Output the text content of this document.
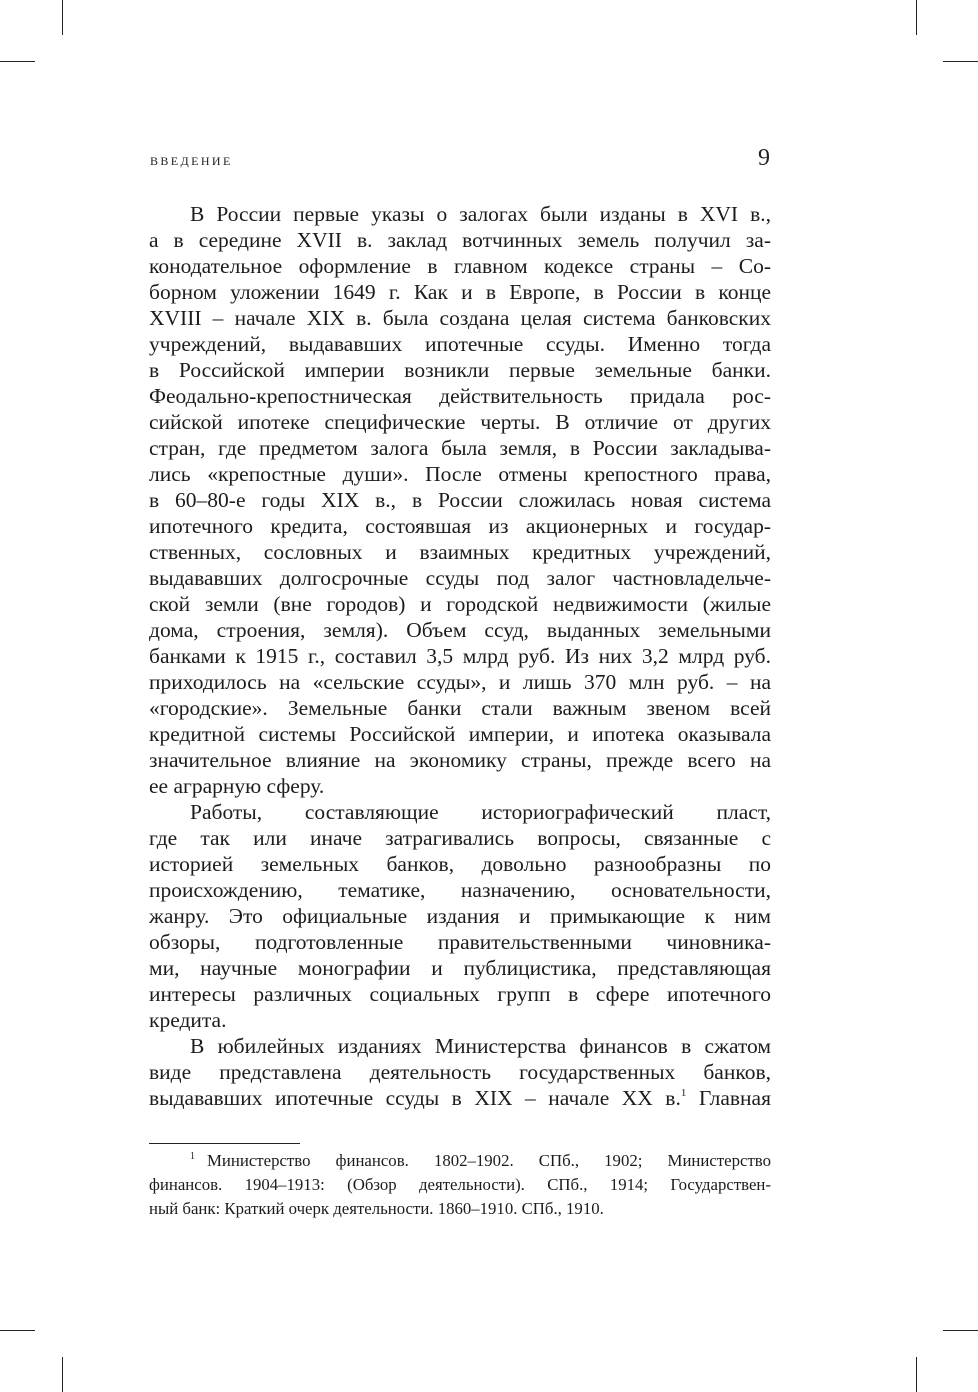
ВВЕДЕНИЕ	9
В России первые указы о залогах были изданы в XVI в.,
а в середине XVII в. заклад вотчинных земель получил за-
конодательное оформление в главном кодексе страны – Со-
борном уложении 1649 г. Как и в Европе, в России в конце
XVIII – начале XIX в. была создана целая система банковских
учреждений, выдававших ипотечные ссуды. Именно тогда
в Российской империи возникли первые земельные банки.
Феодально-крепостническая действительность придала рос-
сийской ипотеке специфические черты. В отличие от других
стран, где предметом залога была земля, в России закладыва-
лись «крепостные души». После отмены крепостного права,
в 60–80-е годы XIX в., в России сложилась новая система
ипотечного кредита, состоявшая из акционерных и государ-
ственных, сословных и взаимных кредитных учреждений,
выдававших долгосрочные ссуды под залог частновладельче-
ской земли (вне городов) и городской недвижимости (жилые
дома, строения, земля). Объем ссуд, выданных земельными
банками к 1915 г., составил 3,5 млрд руб. Из них 3,2 млрд руб.
приходилось на «сельские ссуды», и лишь 370 млн руб. – на
«городские». Земельные банки стали важным звеном всей
кредитной системы Российской империи, и ипотека оказывала
значительное влияние на экономику страны, прежде всего на
ее аграрную сферу.
Работы, составляющие историографический пласт,
где так или иначе затрагивались вопросы, связанные с
историей земельных банков, довольно разнообразны по
происхождению, тематике, назначению, основательности,
жанру. Это официальные издания и примыкающие к ним
обзоры, подготовленные правительственными чиновника-
ми, научные монографии и публицистика, представляющая
интересы различных социальных групп в сфере ипотечного
кредита.
В юбилейных изданиях Министерства финансов в сжатом
виде представлена деятельность государственных банков,
выдававших ипотечные ссуды в XIX – начале XX в.$^1$ Главная
$^1$ Министерство финансов. 1802–1902. СПб., 1902; Министерство
финансов. 1904–1913: (Обзор деятельности). СПб., 1914; Государствен-
ный банк: Краткий очерк деятельности. 1860–1910. СПб., 1910.
